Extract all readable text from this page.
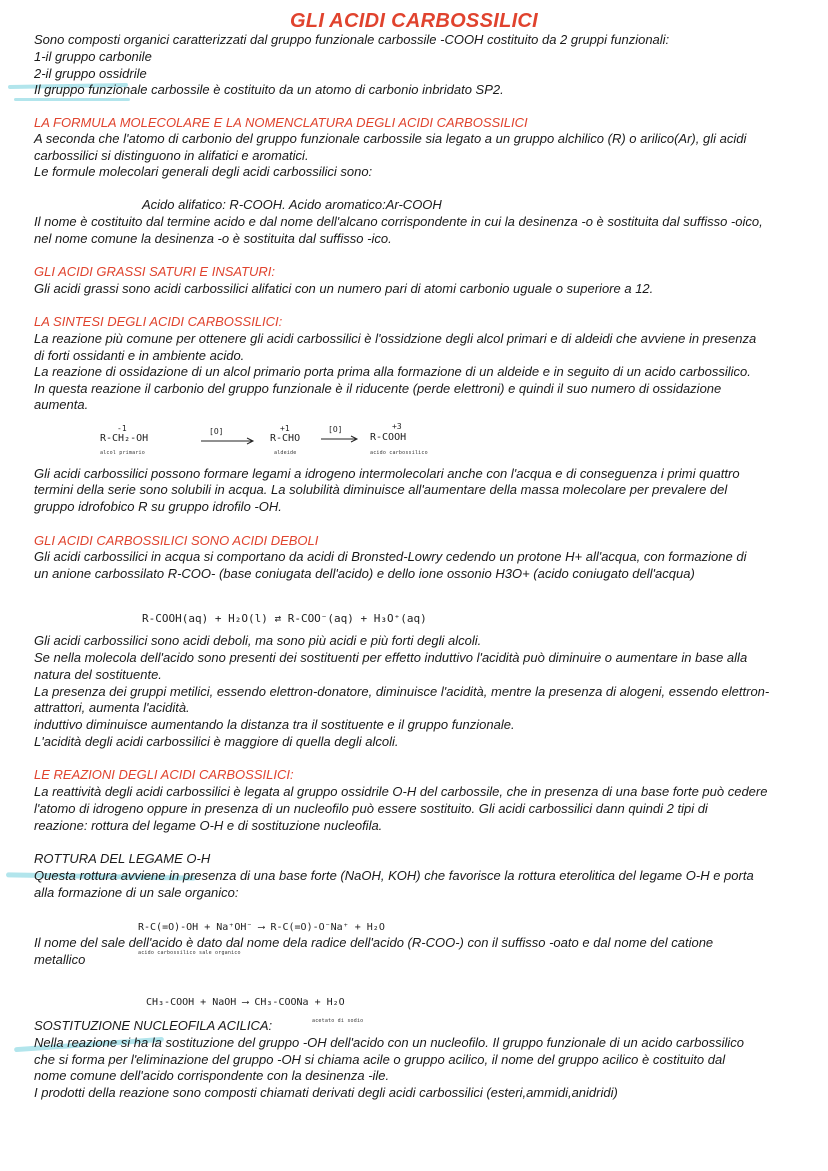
GLI ACIDI CARBOSSILICI
Sono composti organici caratterizzati dal gruppo funzionale carbossile -COOH costituito da 2 gruppi funzionali:
1-il gruppo carbonile
2-il gruppo ossidrile
Il gruppo funzionale carbossile è costituito da un atomo di carbonio inbridato SP2.
LA FORMULA MOLECOLARE E LA NOMENCLATURA DEGLI ACIDI CARBOSSILICI
A seconda che l'atomo di carbonio del gruppo funzionale carbossile sia legato a un gruppo alchilico (R) o arilico(Ar), gli acidi
carbossilici si distinguono in alifatici e aromatici.
Le formule molecolari generali degli acidi carbossilici sono:
Acido alifatico: R-COOH. Acido aromatico:Ar-COOH
Il nome è costituito dal termine acido e dal nome dell'alcano corrispondente in cui la desinenza -o è sostituita dal suffisso -oico,
nel nome comune la desinenza -o è sostituita dal suffisso -ico.
GLI ACIDI GRASSI SATURI E INSATURI:
Gli acidi grassi sono acidi carbossilici alifatici con un numero pari di atomi carbonio uguale o superiore a 12.
LA SINTESI DEGLI ACIDI CARBOSSILICI:
La reazione più comune per ottenere gli acidi carbossilici è l'ossidzione degli alcol primari e di aldeidi che avviene in presenza
di forti ossidanti e in ambiente acido.
La reazione di ossidazione di un alcol primario porta prima alla formazione di un aldeide e in seguito di un acido carbossilico.
In questa reazione il carbonio del gruppo funzionale è il riducente (perde elettroni) e quindi il suo numero di ossidazione
aumenta.
-1
R-CH₂-OH
alcol primario
[O]	+1
R-CHO
aldeide
[O]	+3
R-COOH
acido carbossilico
Gli acidi carbossilici possono formare legami a idrogeno intermolecolari anche con l'acqua e di conseguenza i primi quattro
termini della serie sono solubili in acqua. La solubilità diminuisce all'aumentare della massa molecolare per prevalere del
gruppo idrofobico R su gruppo idrofilo -OH.
GLI ACIDI CARBOSSILICI SONO ACIDI DEBOLI
Gli acidi carbossilici in acqua si comportano da acidi di Bronsted-Lowry cedendo un protone H+ all'acqua, con formazione di
un anione carbossilato R-COO- (base coniugata dell'acido) e dello ione ossonio H3O+ (acido coniugato dell'acqua)
R-COOH(aq) + H₂O(l) ⇄ R-COO⁻(aq) + H₃O⁺(aq)
Gli acidi carbossilici sono acidi deboli, ma sono più acidi e più forti degli alcoli.
Se nella molecola dell'acido sono presenti dei sostituenti per effetto induttivo l'acidità può diminuire o aumentare in base alla
natura del sostituente.
La presenza dei gruppi metilici, essendo elettron-donatore, diminuisce l'acidità, mentre la presenza di alogeni, essendo elettron-
attrattori, aumenta l'acidità.
induttivo diminuisce aumentando la distanza tra il sostituente e il gruppo funzionale.
L'acidità degli acidi carbossilici è maggiore di quella degli alcoli.
LE REAZIONI DEGLI ACIDI CARBOSSILICI:
La reattività degli acidi carbossilici è legata al gruppo ossidrile O-H del carbossile, che in presenza di una base forte può cedere
l'atomo di idrogeno oppure in presenza di un nucleofilo può essere sostituito. Gli acidi carbossilici dann quindi 2 tipi di
reazione: rottura del legame O-H e di sostituzione nucleofila.
ROTTURA DEL LEGAME O-H
Questa rottura avviene in presenza di una base forte (NaOH, KOH) che favorisce la rottura eterolitica del legame O-H e porta
alla formazione di un sale organico:
R-C(=O)-OH + Na⁺OH⁻ ⟶ R-C(=O)-O⁻Na⁺ + H₂O
acido carbossilico sale organico
Il nome del sale dell'acido è dato dal nome dela radice dell'acido (R-COO-) con il suffisso -oato e dal nome del catione
metallico
CH₃-COOH + NaOH ⟶ CH₃-COONa + H₂O
acetato di sodio
SOSTITUZIONE NUCLEOFILA ACILICA:
Nella reazione si ha la sostituzione del gruppo -OH dell'acido con un nucleofilo. Il gruppo funzionale di un acido carbossilico
che si forma per l'eliminazione del gruppo -OH si chiama acile o gruppo acilico, il nome del gruppo acilico è costituito dal
nome comune dell'acido corrispondente con la desinenza -ile.
I prodotti della reazione sono composti chiamati derivati degli acidi carbossilici (esteri,ammidi,anidridi)
